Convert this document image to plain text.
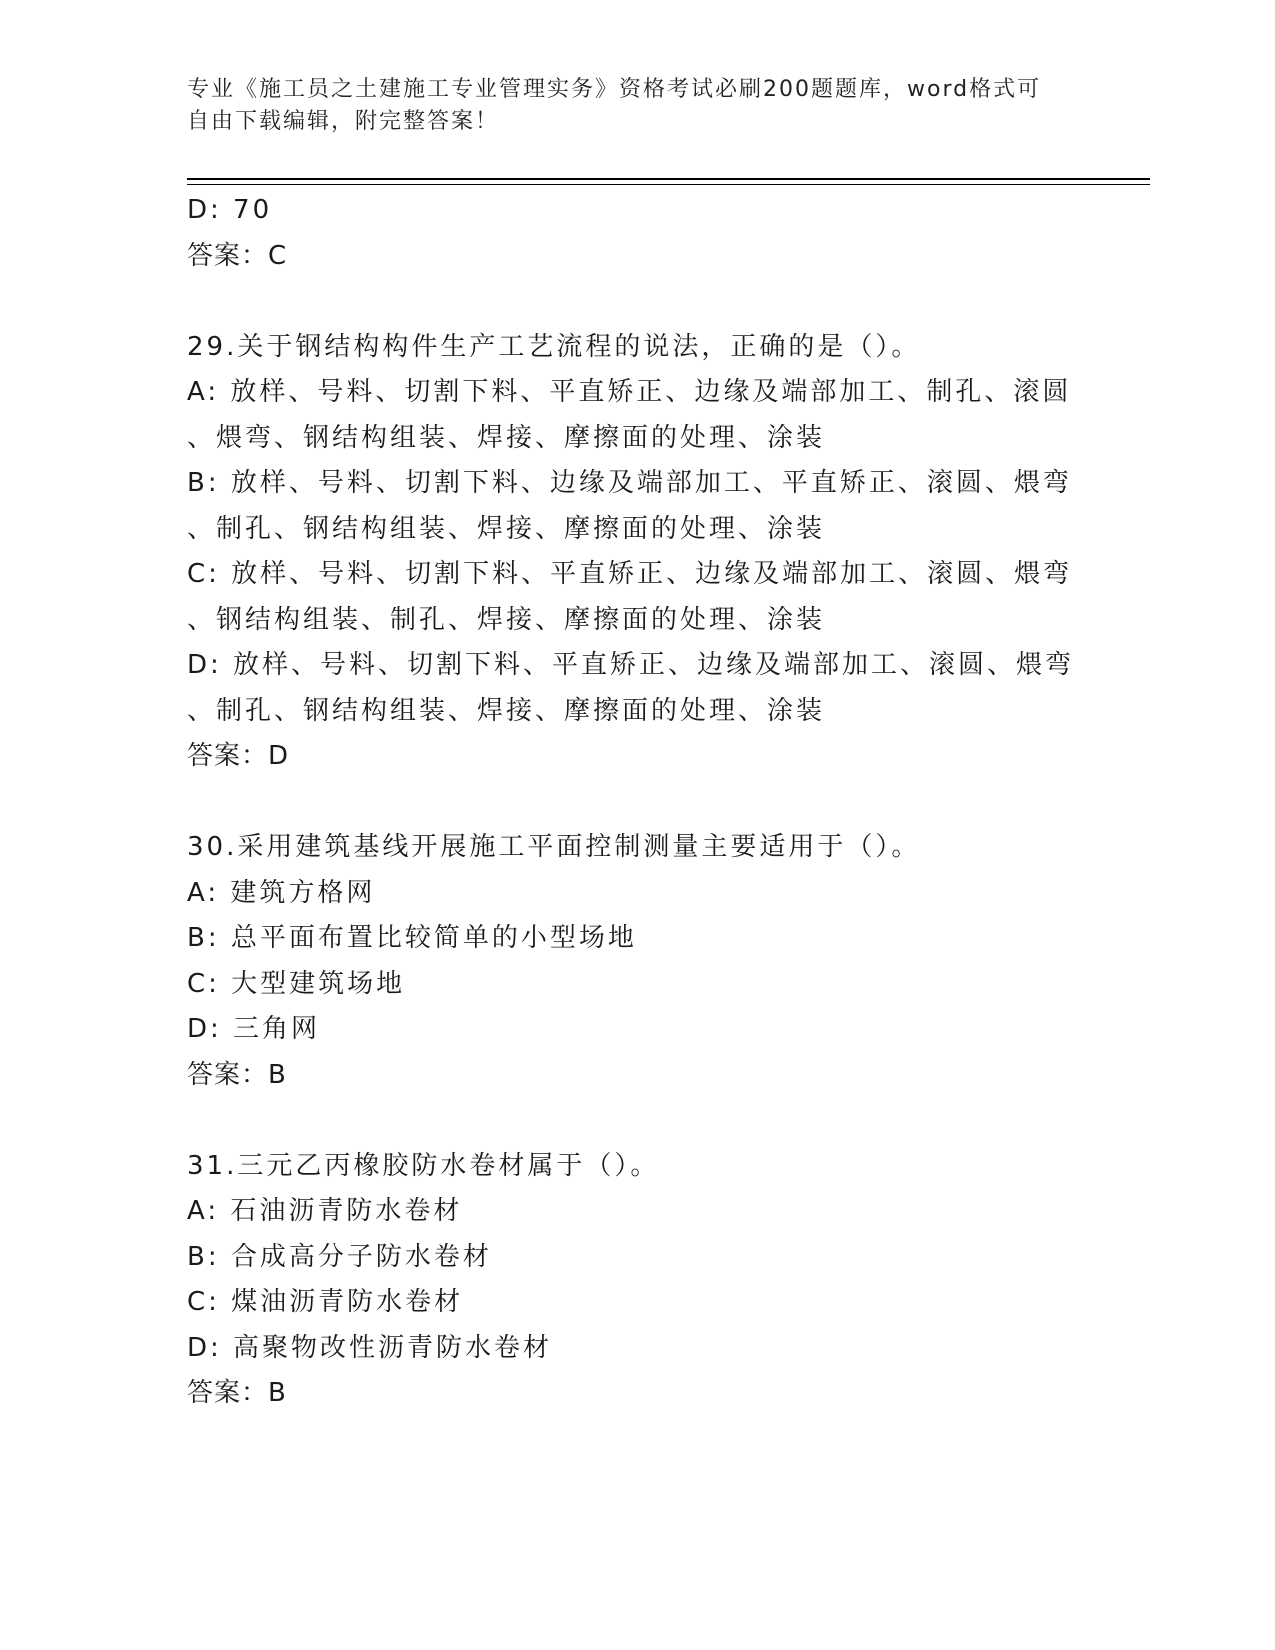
专业《施工员之土建施工专业管理实务》资格考试必刷200题题库，word格式可
自由下载编辑，附完整答案！
D: 70
答案：C
29.关于钢结构构件生产工艺流程的说法，正确的是（）。
A: 放样、号料、切割下料、平直矫正、边缘及端部加工、制孔、滚圆
、煨弯、钢结构组装、焊接、摩擦面的处理、涂装
B: 放样、号料、切割下料、边缘及端部加工、平直矫正、滚圆、煨弯
、制孔、钢结构组装、焊接、摩擦面的处理、涂装
C: 放样、号料、切割下料、平直矫正、边缘及端部加工、滚圆、煨弯
、钢结构组装、制孔、焊接、摩擦面的处理、涂装
D: 放样、号料、切割下料、平直矫正、边缘及端部加工、滚圆、煨弯
、制孔、钢结构组装、焊接、摩擦面的处理、涂装
答案：D
30.采用建筑基线开展施工平面控制测量主要适用于（）。
A: 建筑方格网
B: 总平面布置比较简单的小型场地
C: 大型建筑场地
D: 三角网
答案：B
31.三元乙丙橡胶防水卷材属于（）。
A: 石油沥青防水卷材
B: 合成高分子防水卷材
C: 煤油沥青防水卷材
D: 高聚物改性沥青防水卷材
答案：B
